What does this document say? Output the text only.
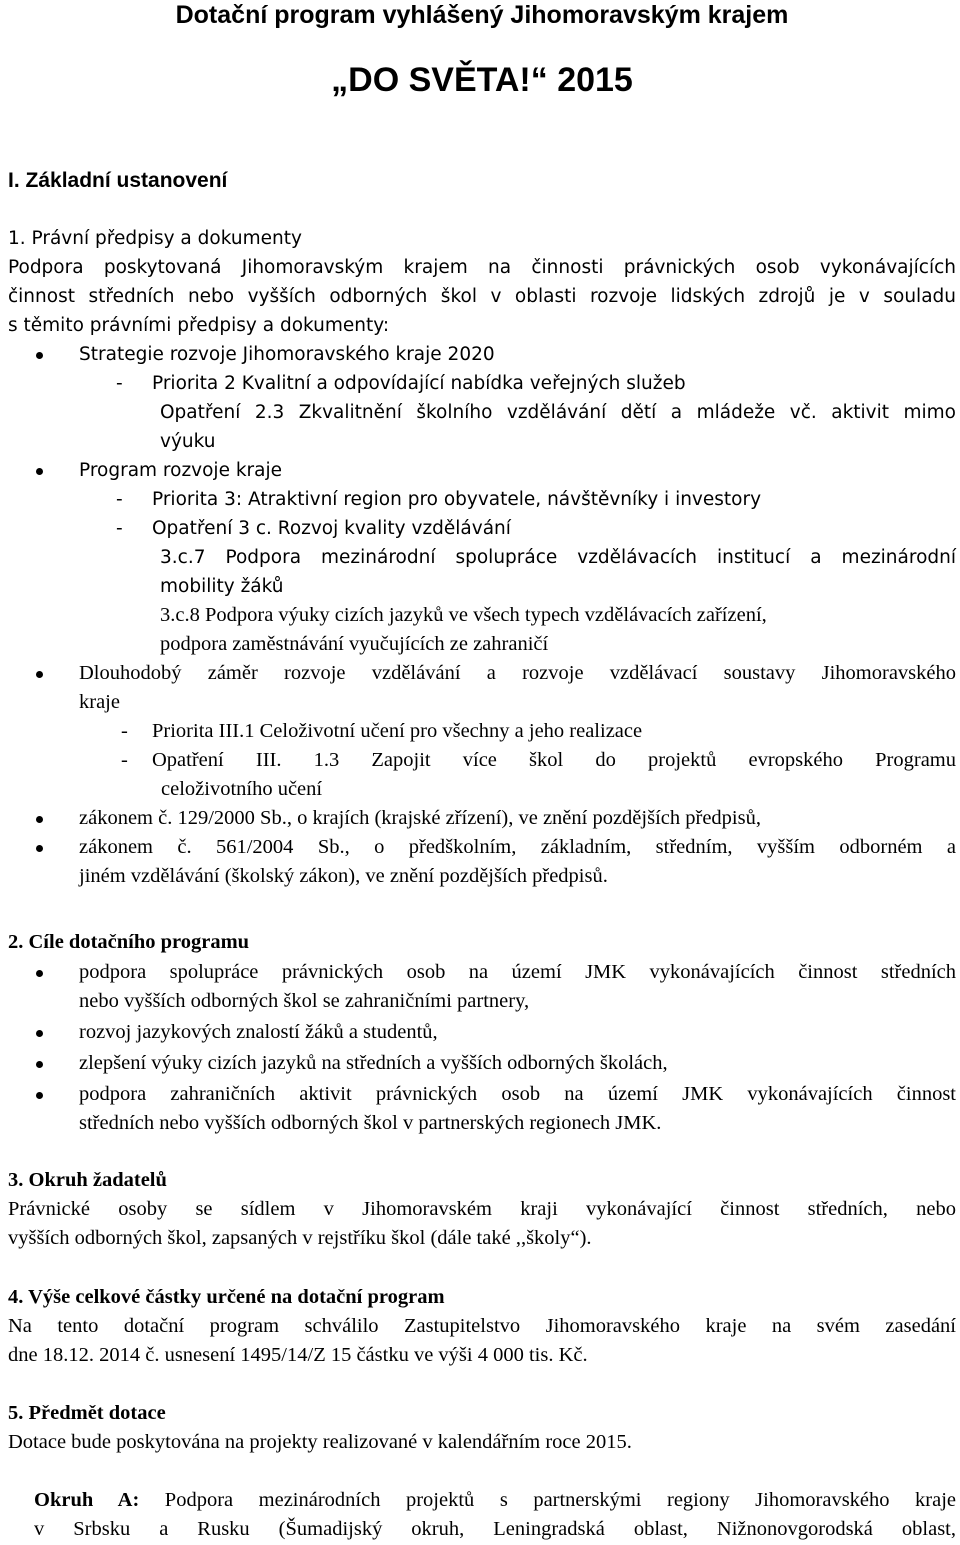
Dotační program vyhlášený Jihomoravským krajem
„DO SVĚTA!“ 2015
I. Základní ustanovení
1. Právní předpisy a dokumenty
Podpora poskytovaná Jihomoravským krajem na činnosti právnických osob vykonávajících
činnost středních nebo vyšších odborných škol v oblasti rozvoje lidských zdrojů je v souladu
s těmito právními předpisy a dokumenty:
Strategie rozvoje Jihomoravského kraje 2020
- Priorita 2 Kvalitní a odpovídající nabídka veřejných služeb
Opatření 2.3 Zkvalitnění školního vzdělávání dětí a mládeže vč. aktivit mimo
výuku
Program rozvoje kraje
- Priorita 3: Atraktivní region pro obyvatele, návštěvníky i investory
- Opatření 3 c. Rozvoj kvality vzdělávání
3.c.7 Podpora mezinárodní spolupráce vzdělávacích institucí a mezinárodní
mobility žáků
3.c.8 Podpora výuky cizích jazyků ve všech typech vzdělávacích zařízení,
podpora zaměstnávání vyučujících ze zahraničí
Dlouhodobý záměr rozvoje vzdělávání a rozvoje vzdělávací soustavy Jihomoravského
kraje
- Priorita III.1 Celoživotní učení pro všechny a jeho realizace
- Opatření III. 1.3 Zapojit více škol do projektů evropského Programu
celoživotního učení
zákonem č. 129/2000 Sb., o krajích (krajské zřízení), ve znění pozdějších předpisů,
zákonem č. 561/2004 Sb., o předškolním, základním, středním, vyšším odborném a
jiném vzdělávání (školský zákon), ve znění pozdějších předpisů.
2. Cíle dotačního programu
podpora spolupráce právnických osob na území JMK vykonávajících činnost středních
nebo vyšších odborných škol se zahraničními partnery,
rozvoj jazykových znalostí žáků a studentů,
zlepšení výuky cizích jazyků na středních a vyšších odborných školách,
podpora zahraničních aktivit právnických osob na území JMK vykonávajících činnost
středních nebo vyšších odborných škol v partnerských regionech JMK.
3. Okruh žadatelů
Právnické osoby se sídlem v Jihomoravském kraji vykonávající činnost středních, nebo
vyšších odborných škol, zapsaných v rejstříku škol (dále také ,,školy“).
4. Výše celkové částky určené na dotační program
Na tento dotační program schválilo Zastupitelstvo Jihomoravského kraje na svém zasedání
dne 18.12. 2014 č. usnesení 1495/14/Z 15 částku ve výši 4 000 tis. Kč.
5. Předmět dotace
Dotace bude poskytována na projekty realizované v kalendářním roce 2015.
Okruh A: Podpora mezinárodních projektů s partnerskými regiony Jihomoravského kraje
v Srbsku a Rusku (Šumadijský okruh, Leningradská oblast, Nižnonovgorodská oblast,
